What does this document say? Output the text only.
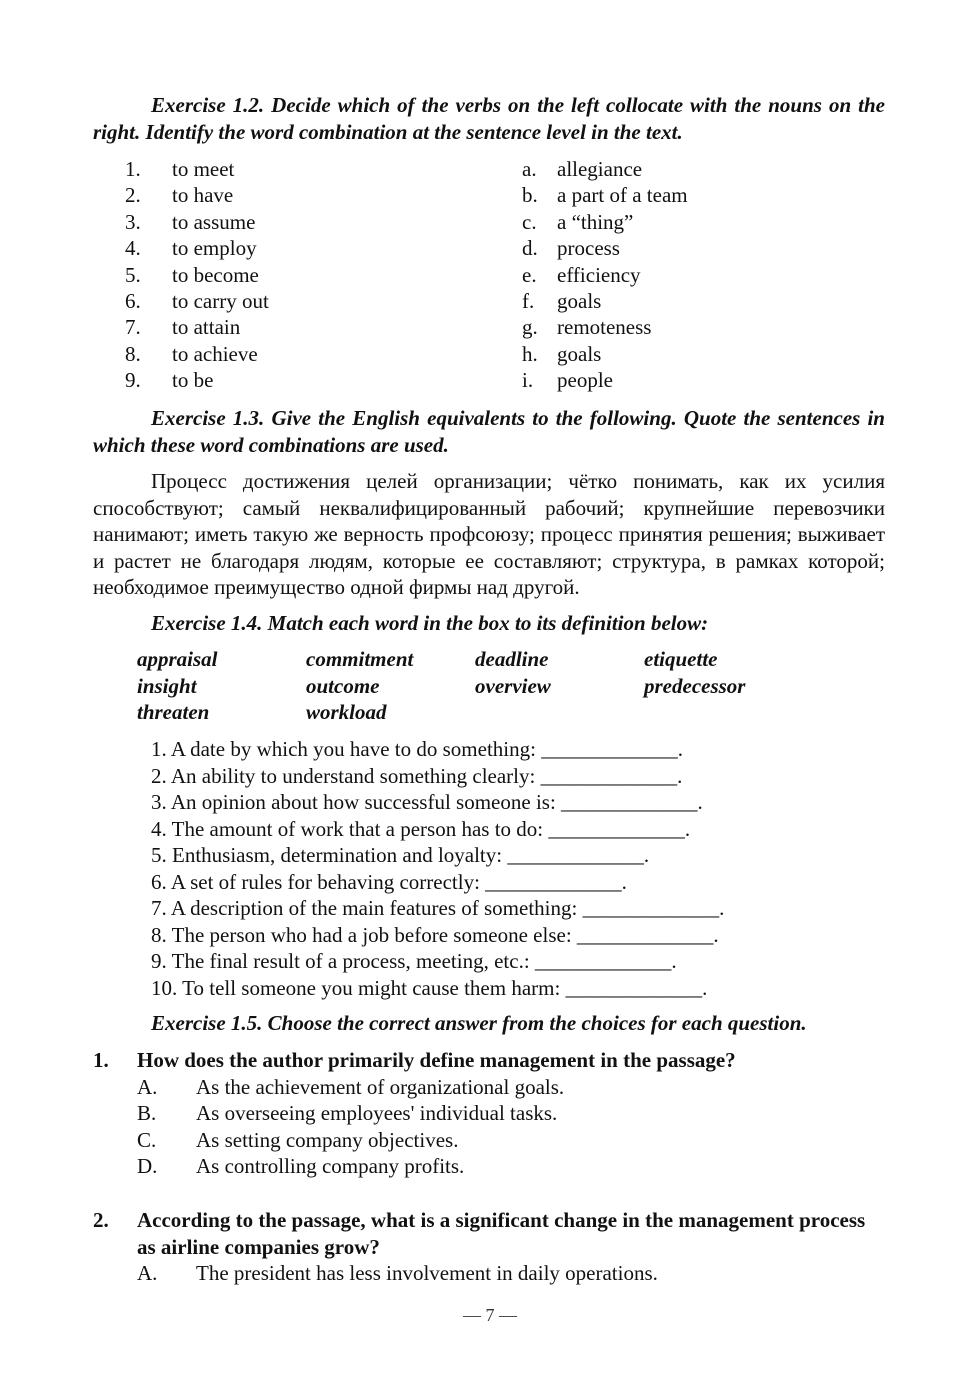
Exercise 1.2. Decide which of the verbs on the left collocate with the nouns on the right. Identify the word combination at the sentence level in the text.

1. to meet	a. allegiance
2. to have	b. a part of a team
3. to assume	c. a “thing”
4. to employ	d. process
5. to become	e. efficiency
6. to carry out	f. goals
7. to attain	g. remoteness
8. to achieve	h. goals
9. to be	i. people

Exercise 1.3. Give the English equivalents to the following. Quote the sentences in which these word combinations are used.

Процесс достижения целей организации; чётко понимать, как их усилия способствуют; самый неквалифицированный рабочий; крупнейшие перевозчики нанимают; иметь такую же верность профсоюзу; процесс принятия решения; выживает и растет не благодаря людям, которые ее составляют; структура, в рамках которой; необходимое преимущество одной фирмы над другой.

Exercise 1.4. Match each word in the box to its definition below:

appraisal	commitment	deadline	etiquette
insight	outcome	overview	predecessor
threaten	workload
1. A date by which you have to do something: _____________.
2. An ability to understand something clearly: _____________.
3. An opinion about how successful someone is: _____________.
4. The amount of work that a person has to do: _____________.
5. Enthusiasm, determination and loyalty: _____________.
6. A set of rules for behaving correctly: _____________.
7. A description of the main features of something: _____________.
8. The person who had a job before someone else: _____________.
9. The final result of a process, meeting, etc.: _____________.
10. To tell someone you might cause them harm: _____________.

Exercise 1.5. Choose the correct answer from the choices for each question.

1. How does the author primarily define management in the passage?
A. As the achievement of organizational goals.
B. As overseeing employees' individual tasks.
C. As setting company objectives.
D. As controlling company profits.
2. According to the passage, what is a significant change in the management process as airline companies grow?
A. The president has less involvement in daily operations.
— 7 —
